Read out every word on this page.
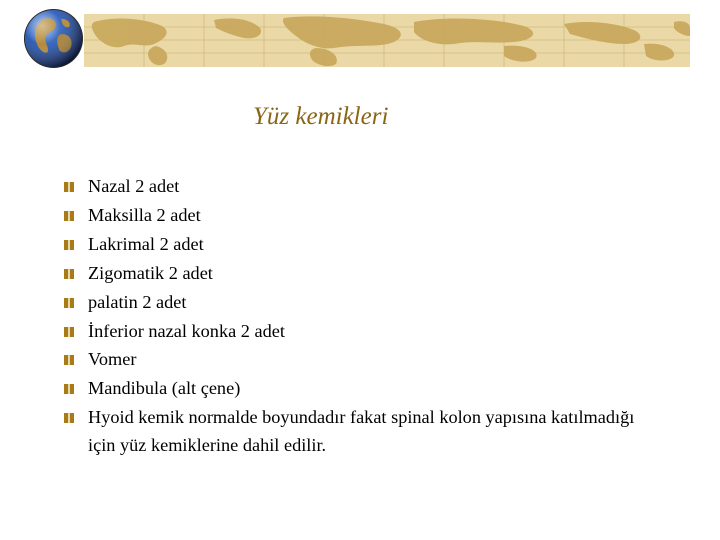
Yüz kemikleri
Nazal 2 adet
Maksilla 2 adet
Lakrimal 2 adet
Zigomatik 2 adet
palatin 2 adet
İnferior nazal konka 2 adet
Vomer
Mandibula (alt çene)
Hyoid kemik normalde boyundadır fakat spinal kolon yapısına katılmadığı için yüz kemiklerine dahil edilir.
